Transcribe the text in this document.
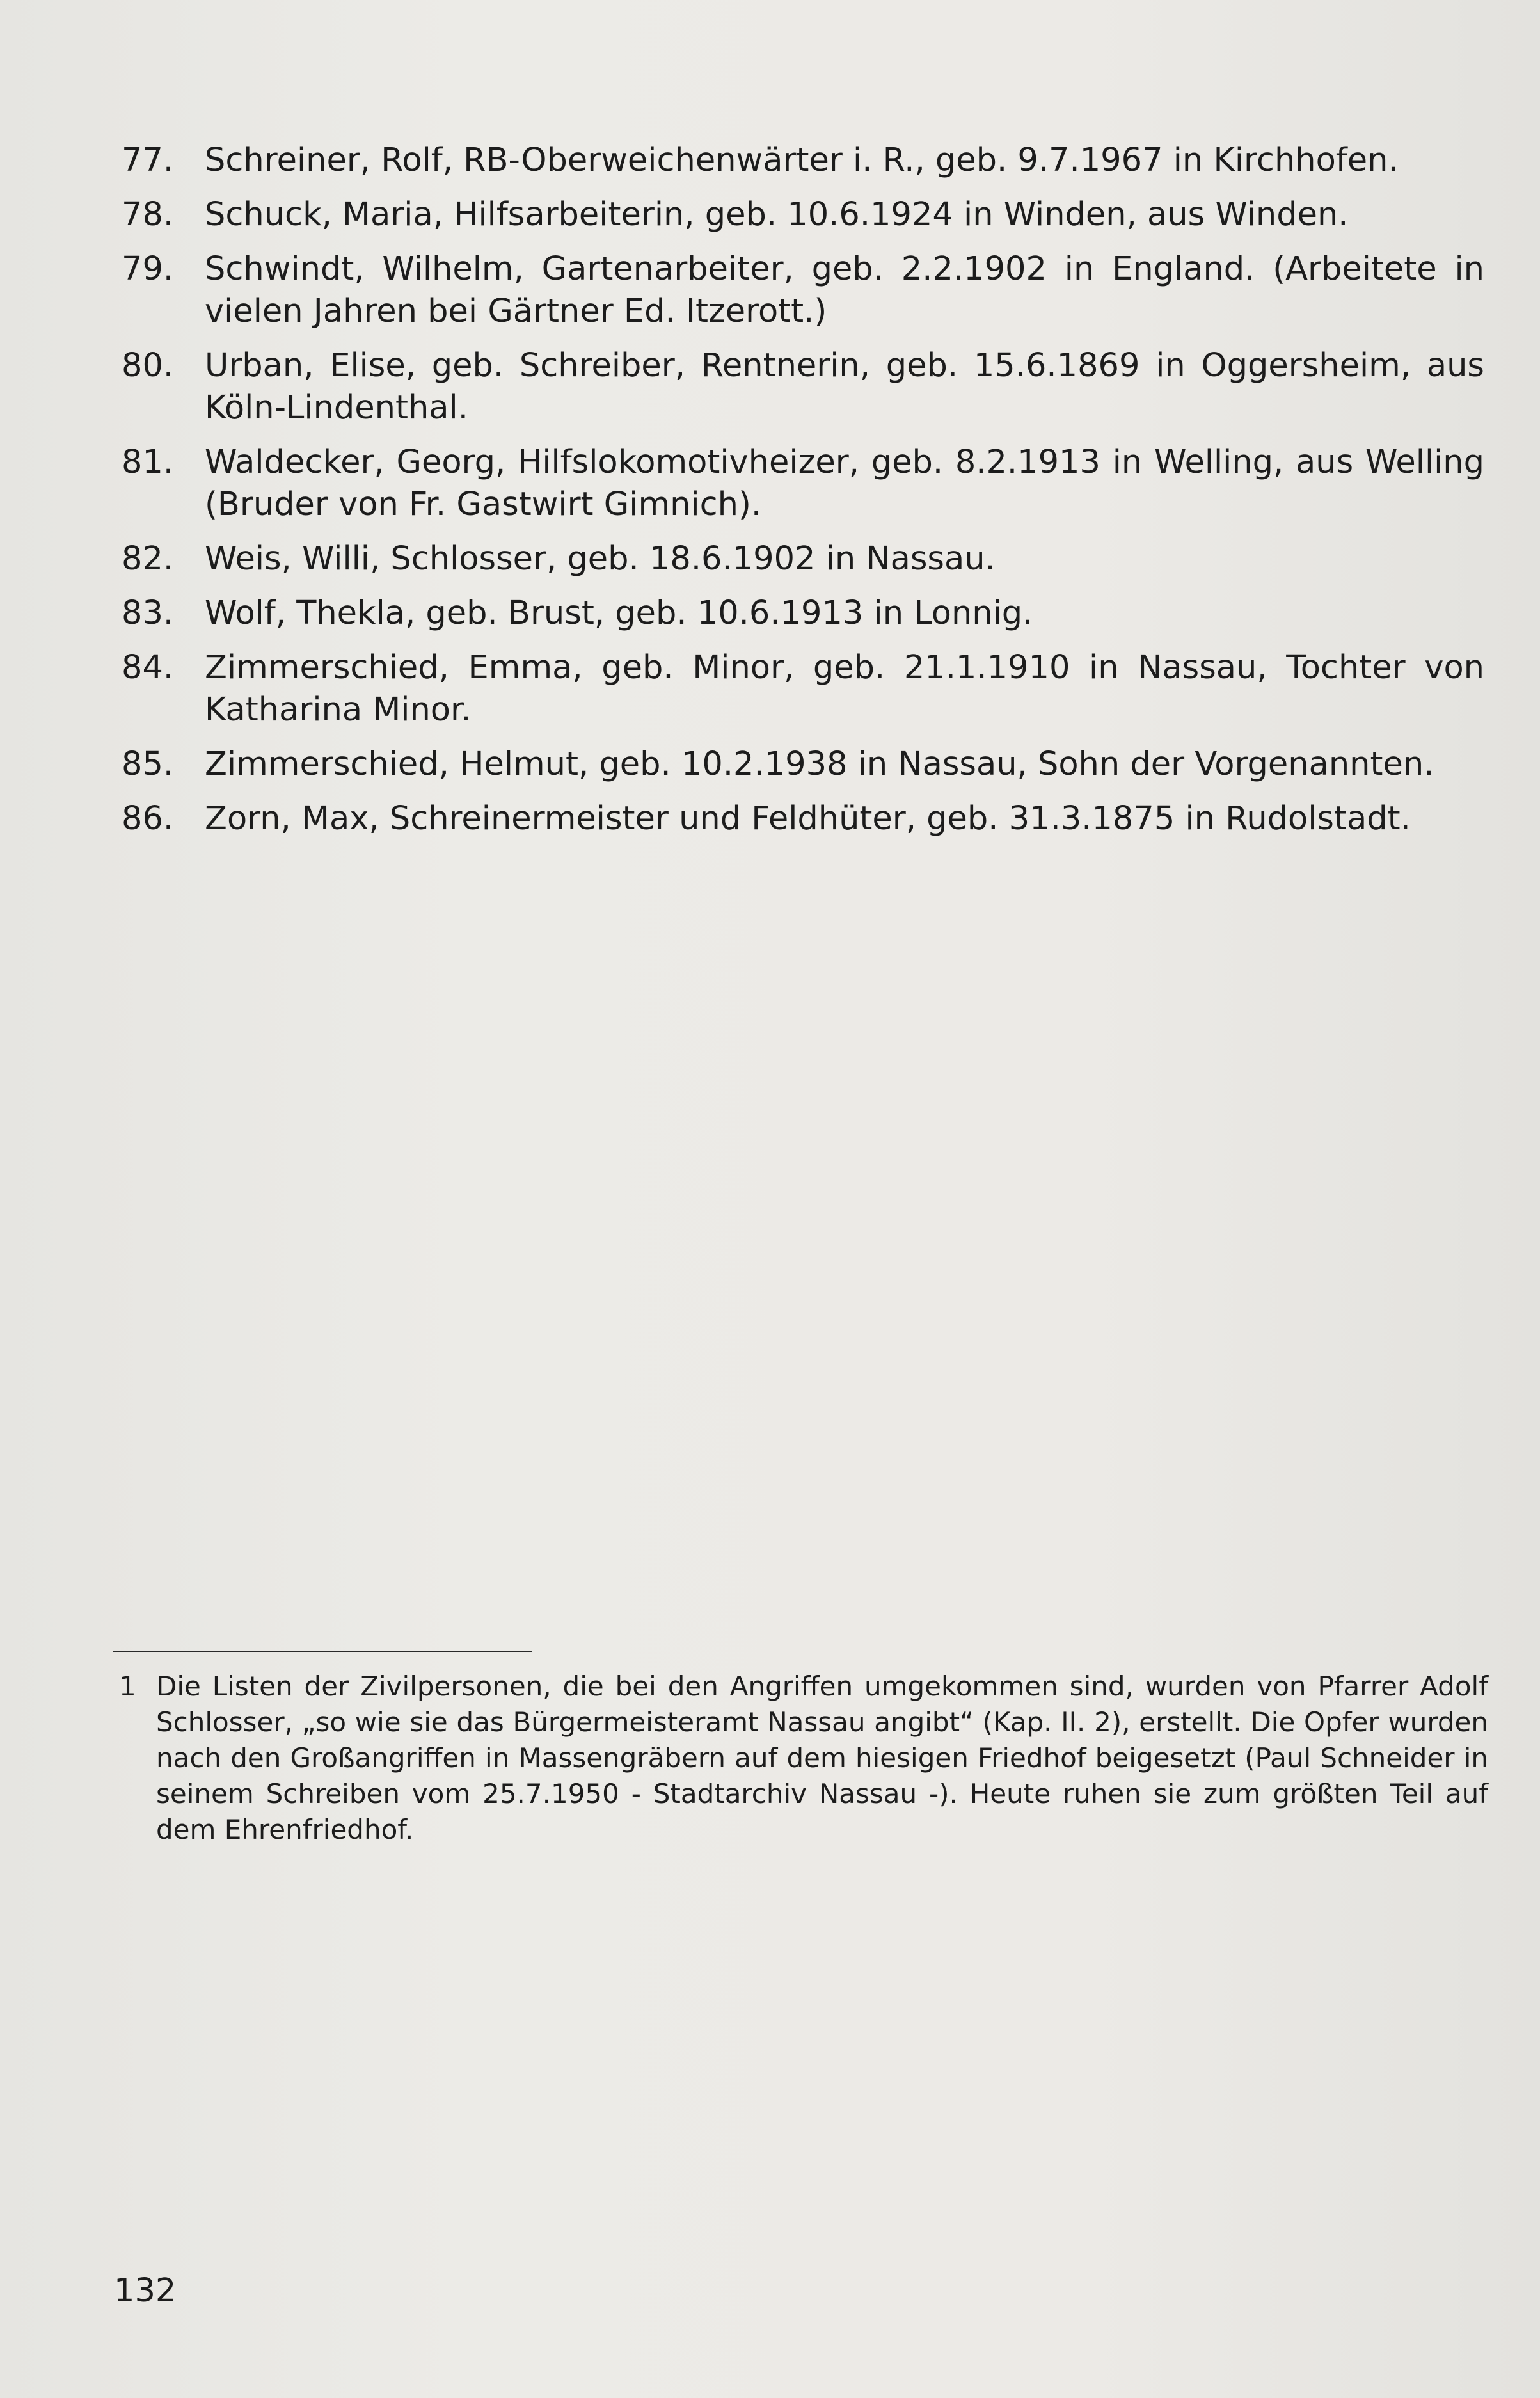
77. Schreiner, Rolf, RB-Oberweichenwärter i. R., geb. 9.7.1967 in Kirchhofen.
78. Schuck, Maria, Hilfsarbeiterin, geb. 10.6.1924 in Winden, aus Winden.
79. Schwindt, Wilhelm, Gartenarbeiter, geb. 2.2.1902 in England. (Arbeitete in vielen Jahren bei Gärtner Ed. Itzerott.)
80. Urban, Elise, geb. Schreiber, Rentnerin, geb. 15.6.1869 in Oggersheim, aus Köln-Lindenthal.
81. Waldecker, Georg, Hilfslokomotivheizer, geb. 8.2.1913 in Welling, aus Welling (Bruder von Fr. Gastwirt Gimnich).
82. Weis, Willi, Schlosser, geb. 18.6.1902 in Nassau.
83. Wolf, Thekla, geb. Brust, geb. 10.6.1913 in Lonnig.
84. Zimmerschied, Emma, geb. Minor, geb. 21.1.1910 in Nassau, Tochter von Katharina Minor.
85. Zimmerschied, Helmut, geb. 10.2.1938 in Nassau, Sohn der Vorgenannten.
86. Zorn, Max, Schreinermeister und Feldhüter, geb. 31.3.1875 in Rudolstadt.
1 Die Listen der Zivilpersonen, die bei den Angriffen umgekommen sind, wurden von Pfarrer Adolf Schlosser, „so wie sie das Bürgermeisteramt Nassau angibt“ (Kap. II. 2), erstellt. Die Opfer wurden nach den Großangriffen in Massengräbern auf dem hiesigen Friedhof beigesetzt (Paul Schneider in seinem Schreiben vom 25.7.1950 - Stadtarchiv Nassau -). Heute ruhen sie zum größten Teil auf dem Ehrenfriedhof.
132
